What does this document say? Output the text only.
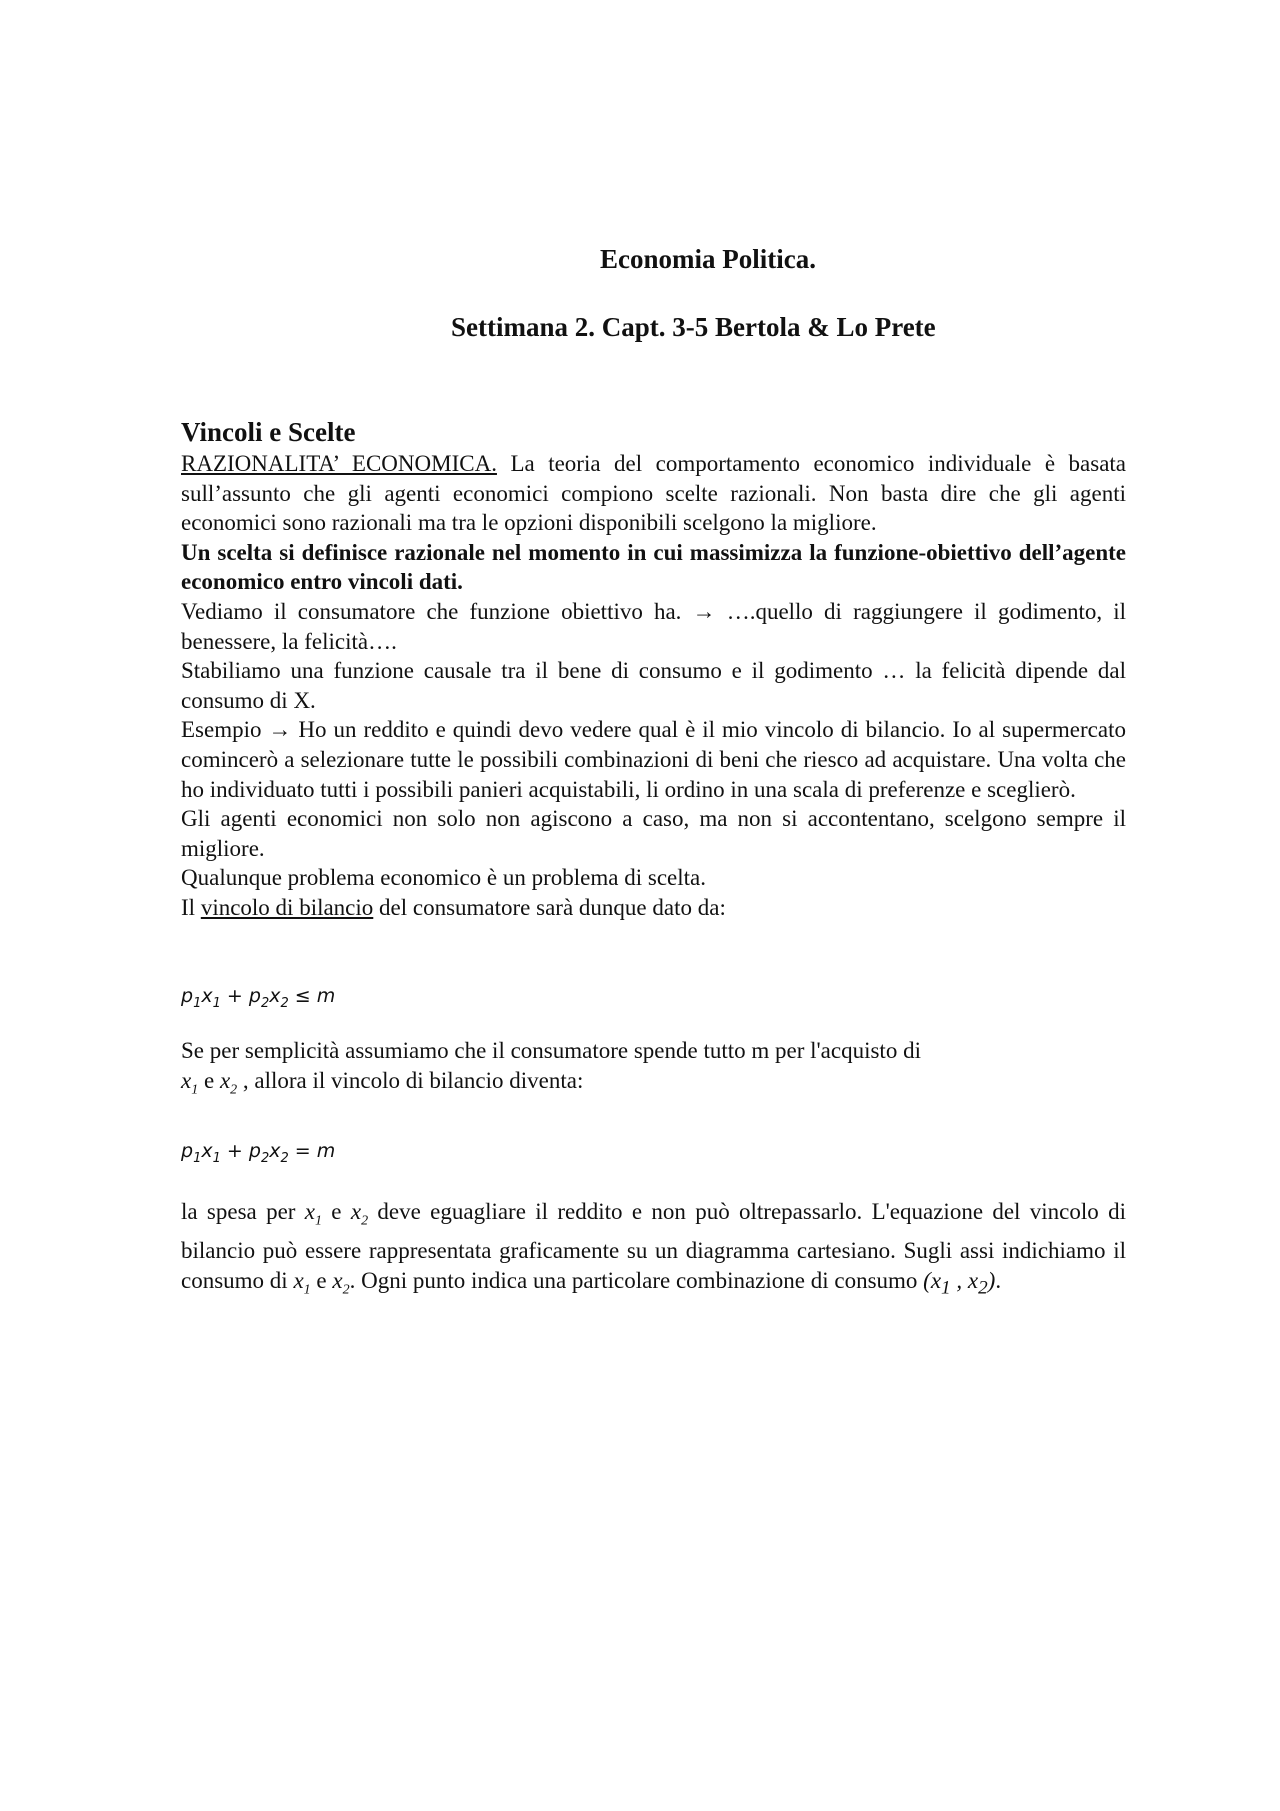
Economia Politica.
Settimana 2. Capt. 3-5 Bertola & Lo Prete
Vincoli e Scelte

RAZIONALITA’ ECONOMICA. La teoria del comportamento economico individuale è basata sull’assunto che gli agenti economici compiono scelte razionali. Non basta dire che gli agenti economici sono razionali ma tra le opzioni disponibili scelgono la migliore.

Un scelta si definisce razionale nel momento in cui massimizza la funzione-obiettivo dell’agente economico entro vincoli dati.

Vediamo il consumatore che funzione obiettivo ha. → ….quello di raggiungere il godimento, il benessere, la felicità….

Stabiliamo una funzione causale tra il bene di consumo e il godimento … la felicità dipende dal consumo di X.

Esempio → Ho un reddito e quindi devo vedere qual è il mio vincolo di bilancio. Io al supermercato comincerò a selezionare tutte le possibili combinazioni di beni che riesco ad acquistare. Una volta che ho individuato tutti i possibili panieri acquistabili, li ordino in una scala di preferenze e sceglierò.

Gli agenti economici non solo non agiscono a caso, ma non si accontentano, scelgono sempre il migliore.

Qualunque problema economico è un problema di scelta.

Il vincolo di bilancio del consumatore sarà dunque dato da:

$p_1x_1 + p_2x_2 \le m$

Se per semplicità assumiamo che il consumatore spende tutto m per l'acquisto di

$x_1$ e $x_2$ , allora il vincolo di bilancio diventa:

$p_1x_1 + p_2x_2 = m$

la spesa per $x_1$ e $x_2$ deve eguagliare il reddito e non può oltrepassarlo. L'equazione del vincolo di bilancio può essere rappresentata graficamente su un diagramma cartesiano. Sugli assi indichiamo il consumo di $x_1$ e $x_2$. Ogni punto indica una particolare combinazione di consumo ($x_1$ , $x_2$).
